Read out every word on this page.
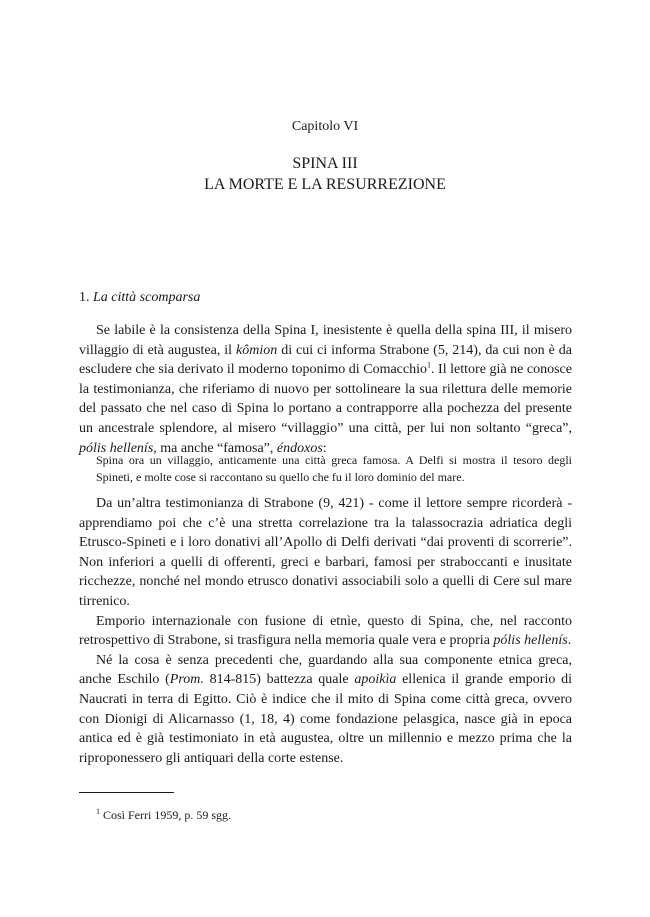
Capitolo VI
SPINA III
LA MORTE E LA RESURREZIONE
1. La città scomparsa

Se labile è la consistenza della Spina I, inesistente è quella della spina III, il misero villaggio di età augustea, il kômion di cui ci informa Strabone (5, 214), da cui non è da escludere che sia derivato il moderno toponimo di Comacchio$^1$. Il lettore già ne conosce la testimonianza, che riferiamo di nuovo per sottolineare la sua rilettura delle memorie del passato che nel caso di Spina lo portano a contrapporre alla pochezza del presente un ancestrale splendore, al misero “villaggio” una città, per lui non soltanto “greca”, pólis hellenís, ma anche “famosa”, éndoxos:

Spina ora un villaggio, anticamente una città greca famosa. A Delfi si mostra il tesoro degli Spineti, e molte cose si raccontano su quello che fu il loro dominio del mare.

Da un’altra testimonianza di Strabone (9, 421) - come il lettore sempre ricorderà - apprendiamo poi che c’è una stretta correlazione tra la talassocrazia adriatica degli Etrusco-Spineti e i loro donativi all’Apollo di Delfi derivati “dai proventi di scorrerie”. Non inferiori a quelli di offerenti, greci e barbari, famosi per straboccanti e inusitate ricchezze, nonché nel mondo etrusco donativi associabili solo a quelli di Cere sul mare tirrenico.

Emporio internazionale con fusione di etnìe, questo di Spina, che, nel racconto retrospettivo di Strabone, si trasfigura nella memoria quale vera e propria pólis hellenís.

Né la cosa è senza precedenti che, guardando alla sua componente etnica greca, anche Eschilo (Prom. 814-815) battezza quale apoikìa ellenica il grande emporio di Naucrati in terra di Egitto. Ciò è indice che il mito di Spina come città greca, ovvero con Dionigi di Alicarnasso (1, 18, 4) come fondazione pelasgica, nasce già in epoca antica ed è già testimoniato in età augustea, oltre un millennio e mezzo prima che la riproponessero gli antiquari della corte estense.

$^1$ Così Ferri 1959, p. 59 sgg.
